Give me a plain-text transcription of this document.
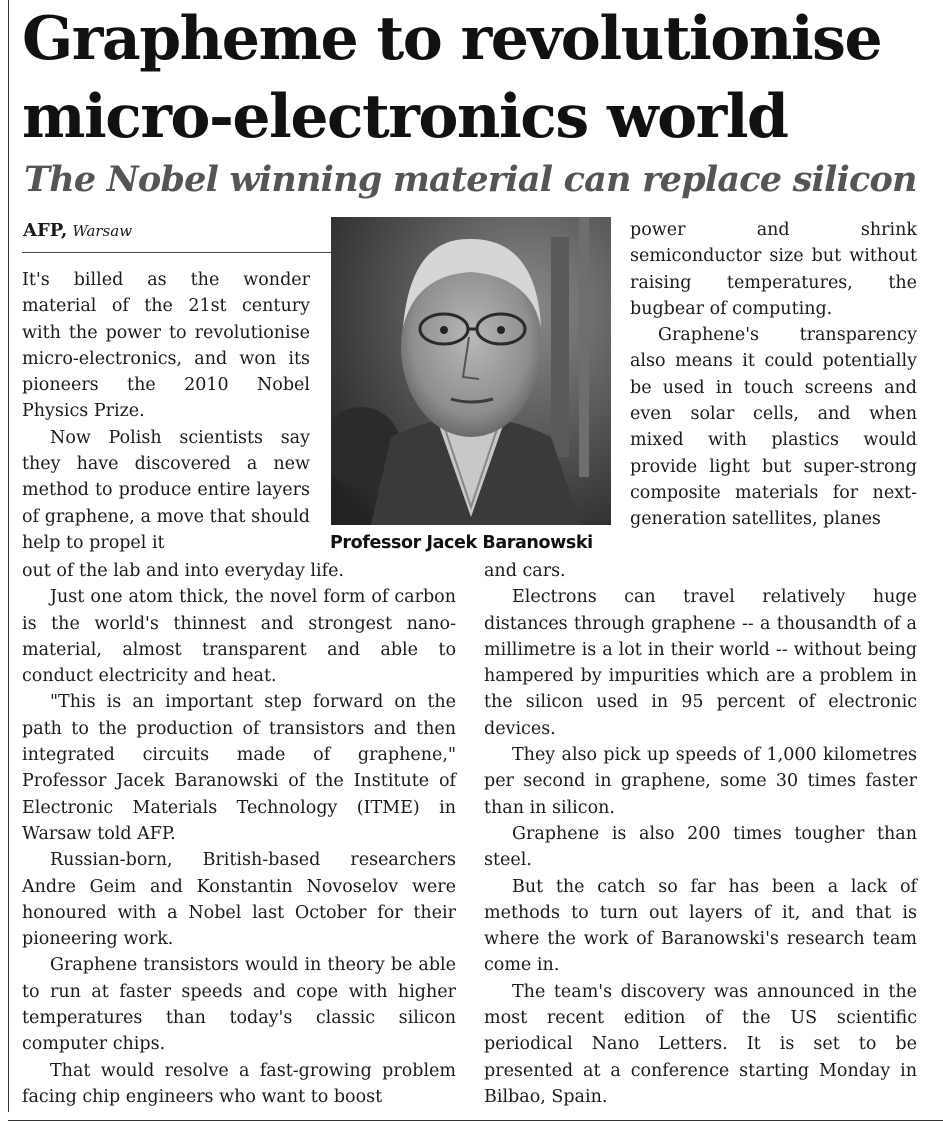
Grapheme to revolutionise
micro-electronics world
The Nobel winning material can replace silicon
AFP, Warsaw

It's billed as the wonder material of the 21st century with the power to revolutionise micro-electronics, and won its pioneers the 2010 Nobel Physics Prize.

Now Polish scientists say they have discovered a new method to produce entire layers of graphene, a move that should help to propel it	Professor Jacek Baranowski

power and shrink semiconductor size but without raising temperatures, the bugbear of computing.

Graphene's transparency also means it could potentially be used in touch screens and even solar cells, and when mixed with plastics would provide light but super-strong composite materials for next-generation satellites, planes

out of the lab and into everyday life.

Just one atom thick, the novel form of carbon is the world's thinnest and strongest nano-material, almost transparent and able to conduct electricity and heat.

"This is an important step forward on the path to the production of transistors and then integrated circuits made of graphene," Professor Jacek Baranowski of the Institute of Electronic Materials Technology (ITME) in Warsaw told AFP.

Russian-born, British-based researchers Andre Geim and Konstantin Novoselov were honoured with a Nobel last October for their pioneering work.

Graphene transistors would in theory be able to run at faster speeds and cope with higher temperatures than today's classic silicon computer chips.

That would resolve a fast-growing problem facing chip engineers who want to boost

and cars.

Electrons can travel relatively huge distances through graphene -- a thousandth of a millimetre is a lot in their world -- without being hampered by impurities which are a problem in the silicon used in 95 percent of electronic devices.

They also pick up speeds of 1,000 kilometres per second in graphene, some 30 times faster than in silicon.

Graphene is also 200 times tougher than steel.

But the catch so far has been a lack of methods to turn out layers of it, and that is where the work of Baranowski's research team come in.

The team's discovery was announced in the most recent edition of the US scientific periodical Nano Letters. It is set to be presented at a conference starting Monday in Bilbao, Spain.
